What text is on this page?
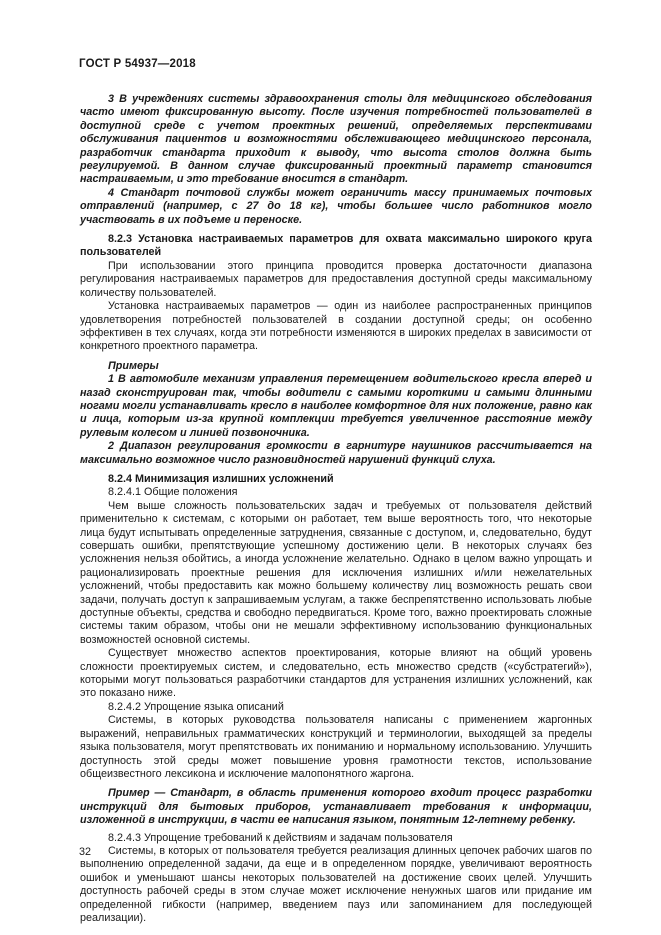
ГОСТ Р 54937—2018

3 В учреждениях системы здравоохранения столы для медицинского обследования часто имеют фиксированную высоту. После изучения потребностей пользователей в доступной среде с учетом проектных решений, определяемых перспективами обслуживания пациентов и возможностями обслеживающего медицинского персонала, разработчик стандарта приходит к выводу, что высота столов должна быть регулируемой. В данном случае фиксированный проектный параметр становится настраиваемым, и это требование вносится в стандарт.

4 Стандарт почтовой службы может ограничить массу принимаемых почтовых отправлений (например, с 27 до 18 кг), чтобы большее число работников могло участвовать в их подъеме и переноске.

8.2.3 Установка настраиваемых параметров для охвата максимально широкого круга пользователей

При использовании этого принципа проводится проверка достаточности диапазона регулирования настраиваемых параметров для предоставления доступной среды максимальному количеству пользователей.

Установка настраиваемых параметров — один из наиболее распространенных принципов удовлетворения потребностей пользователей в создании доступной среды; он особенно эффективен в тех случаях, когда эти потребности изменяются в широких пределах в зависимости от конкретного проектного параметра.

Примеры

1 В автомобиле механизм управления перемещением водительского кресла вперед и назад сконструирован так, чтобы водители с самыми короткими и самыми длинными ногами могли устанавливать кресло в наиболее комфортное для них положение, равно как и лица, которым из-за крупной комплекции требуется увеличенное расстояние между рулевым колесом и линией позвоночника.

2 Диапазон регулирования громкости в гарнитуре наушников рассчитывается на максимально возможное число разновидностей нарушений функций слуха.

8.2.4 Минимизация излишних усложнений

8.2.4.1 Общие положения

Чем выше сложность пользовательских задач и требуемых от пользователя действий применительно к системам, с которыми он работает, тем выше вероятность того, что некоторые лица будут испытывать определенные затруднения, связанные с доступом, и, следовательно, будут совершать ошибки, препятствующие успешному достижению цели. В некоторых случаях без усложнения нельзя обойтись, а иногда усложнение желательно. Однако в целом важно упрощать и рационализировать проектные решения для исключения излишних и/или нежелательных усложнений, чтобы предоставить как можно большему количеству лиц возможность решать свои задачи, получать доступ к запрашиваемым услугам, а также беспрепятственно использовать любые доступные объекты, средства и свободно передвигаться. Кроме того, важно проектировать сложные системы таким образом, чтобы они не мешали эффективному использованию функциональных возможностей основной системы.

Существует множество аспектов проектирования, которые влияют на общий уровень сложности проектируемых систем, и следовательно, есть множество средств («субстратегий»), которыми могут пользоваться разработчики стандартов для устранения излишних усложнений, как это показано ниже.

8.2.4.2 Упрощение языка описаний

Системы, в которых руководства пользователя написаны с применением жаргонных выражений, неправильных грамматических конструкций и терминологии, выходящей за пределы языка пользователя, могут препятствовать их пониманию и нормальному использованию. Улучшить доступность этой среды может повышение уровня грамотности текстов, использование общеизвестного лексикона и исключение малопонятного жаргона.

Пример — Стандарт, в область применения которого входит процесс разработки инструкций для бытовых приборов, устанавливает требования к информации, изложенной в инструкции, в части ее написания языком, понятным 12-летнему ребенку.

8.2.4.3 Упрощение требований к действиям и задачам пользователя

Системы, в которых от пользователя требуется реализация длинных цепочек рабочих шагов по выполнению определенной задачи, да еще и в определенном порядке, увеличивают вероятность ошибок и уменьшают шансы некоторых пользователей на достижение своих целей. Улучшить доступность рабочей среды в этом случае может исключение ненужных шагов или придание им определенной гибкости (например, введением пауз или запоминанием для последующей реализации).

32
